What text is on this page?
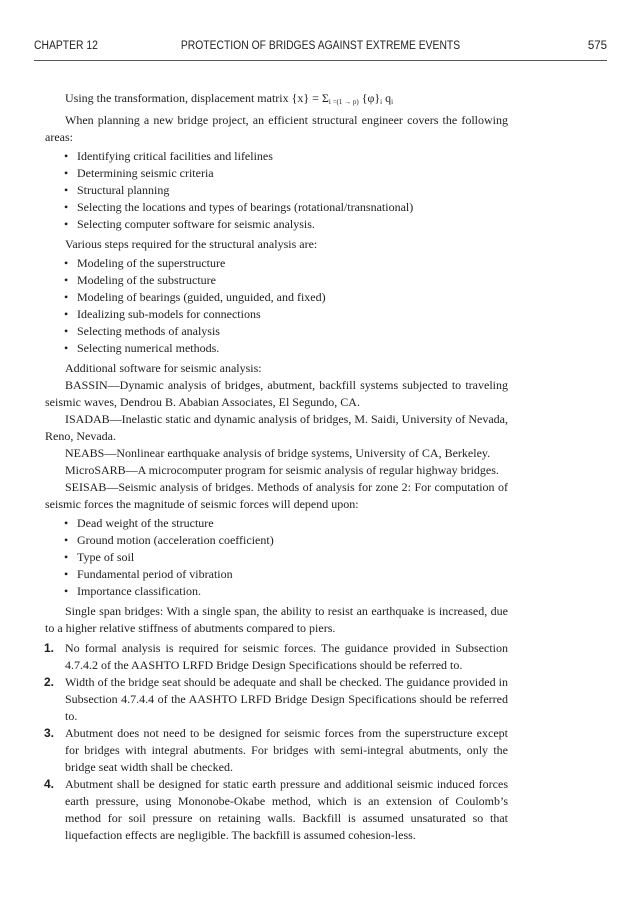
CHAPTER 12	PROTECTION OF BRIDGES AGAINST EXTREME EVENTS	575

Using the transformation, displacement matrix $\{x\} = \Sigma_{i =(1 \to p)}$ $\{\varphi\}_i$ $q_i$

When planning a new bridge project, an efficient structural engineer covers the following areas:

• Identifying critical facilities and lifelines
• Determining seismic criteria
• Structural planning
• Selecting the locations and types of bearings (rotational/transnational)
• Selecting computer software for seismic analysis.

Various steps required for the structural analysis are:

• Modeling of the superstructure
• Modeling of the substructure
• Modeling of bearings (guided, unguided, and fixed)
• Idealizing sub-models for connections
• Selecting methods of analysis
• Selecting numerical methods.

Additional software for seismic analysis:

BASSIN—Dynamic analysis of bridges, abutment, backfill systems subjected to traveling seismic waves, Dendrou B. Ababian Associates, El Segundo, CA.

ISADAB—Inelastic static and dynamic analysis of bridges, M. Saidi, University of Nevada, Reno, Nevada.

NEABS—Nonlinear earthquake analysis of bridge systems, University of CA, Berkeley.

MicroSARB—A microcomputer program for seismic analysis of regular highway bridges.

SEISAB—Seismic analysis of bridges. Methods of analysis for zone 2: For computation of seismic forces the magnitude of seismic forces will depend upon:

• Dead weight of the structure
• Ground motion (acceleration coefficient)
• Type of soil
• Fundamental period of vibration
• Importance classification.

Single span bridges: With a single span, the ability to resist an earthquake is increased, due to a higher relative stiffness of abutments compared to piers.

1. No formal analysis is required for seismic forces. The guidance provided in Subsection 4.7.4.2 of the AASHTO LRFD Bridge Design Specifications should be referred to.
2. Width of the bridge seat should be adequate and shall be checked. The guidance provided in Subsection 4.7.4.4 of the AASHTO LRFD Bridge Design Specifications should be referred to.
3. Abutment does not need to be designed for seismic forces from the superstructure except for bridges with integral abutments. For bridges with semi-integral abutments, only the bridge seat width shall be checked.
4. Abutment shall be designed for static earth pressure and additional seismic induced forces earth pressure, using Mononobe-Okabe method, which is an extension of Coulomb’s method for soil pressure on retaining walls. Backfill is assumed unsaturated so that liquefaction effects are negligible. The backfill is assumed cohesion-less.
